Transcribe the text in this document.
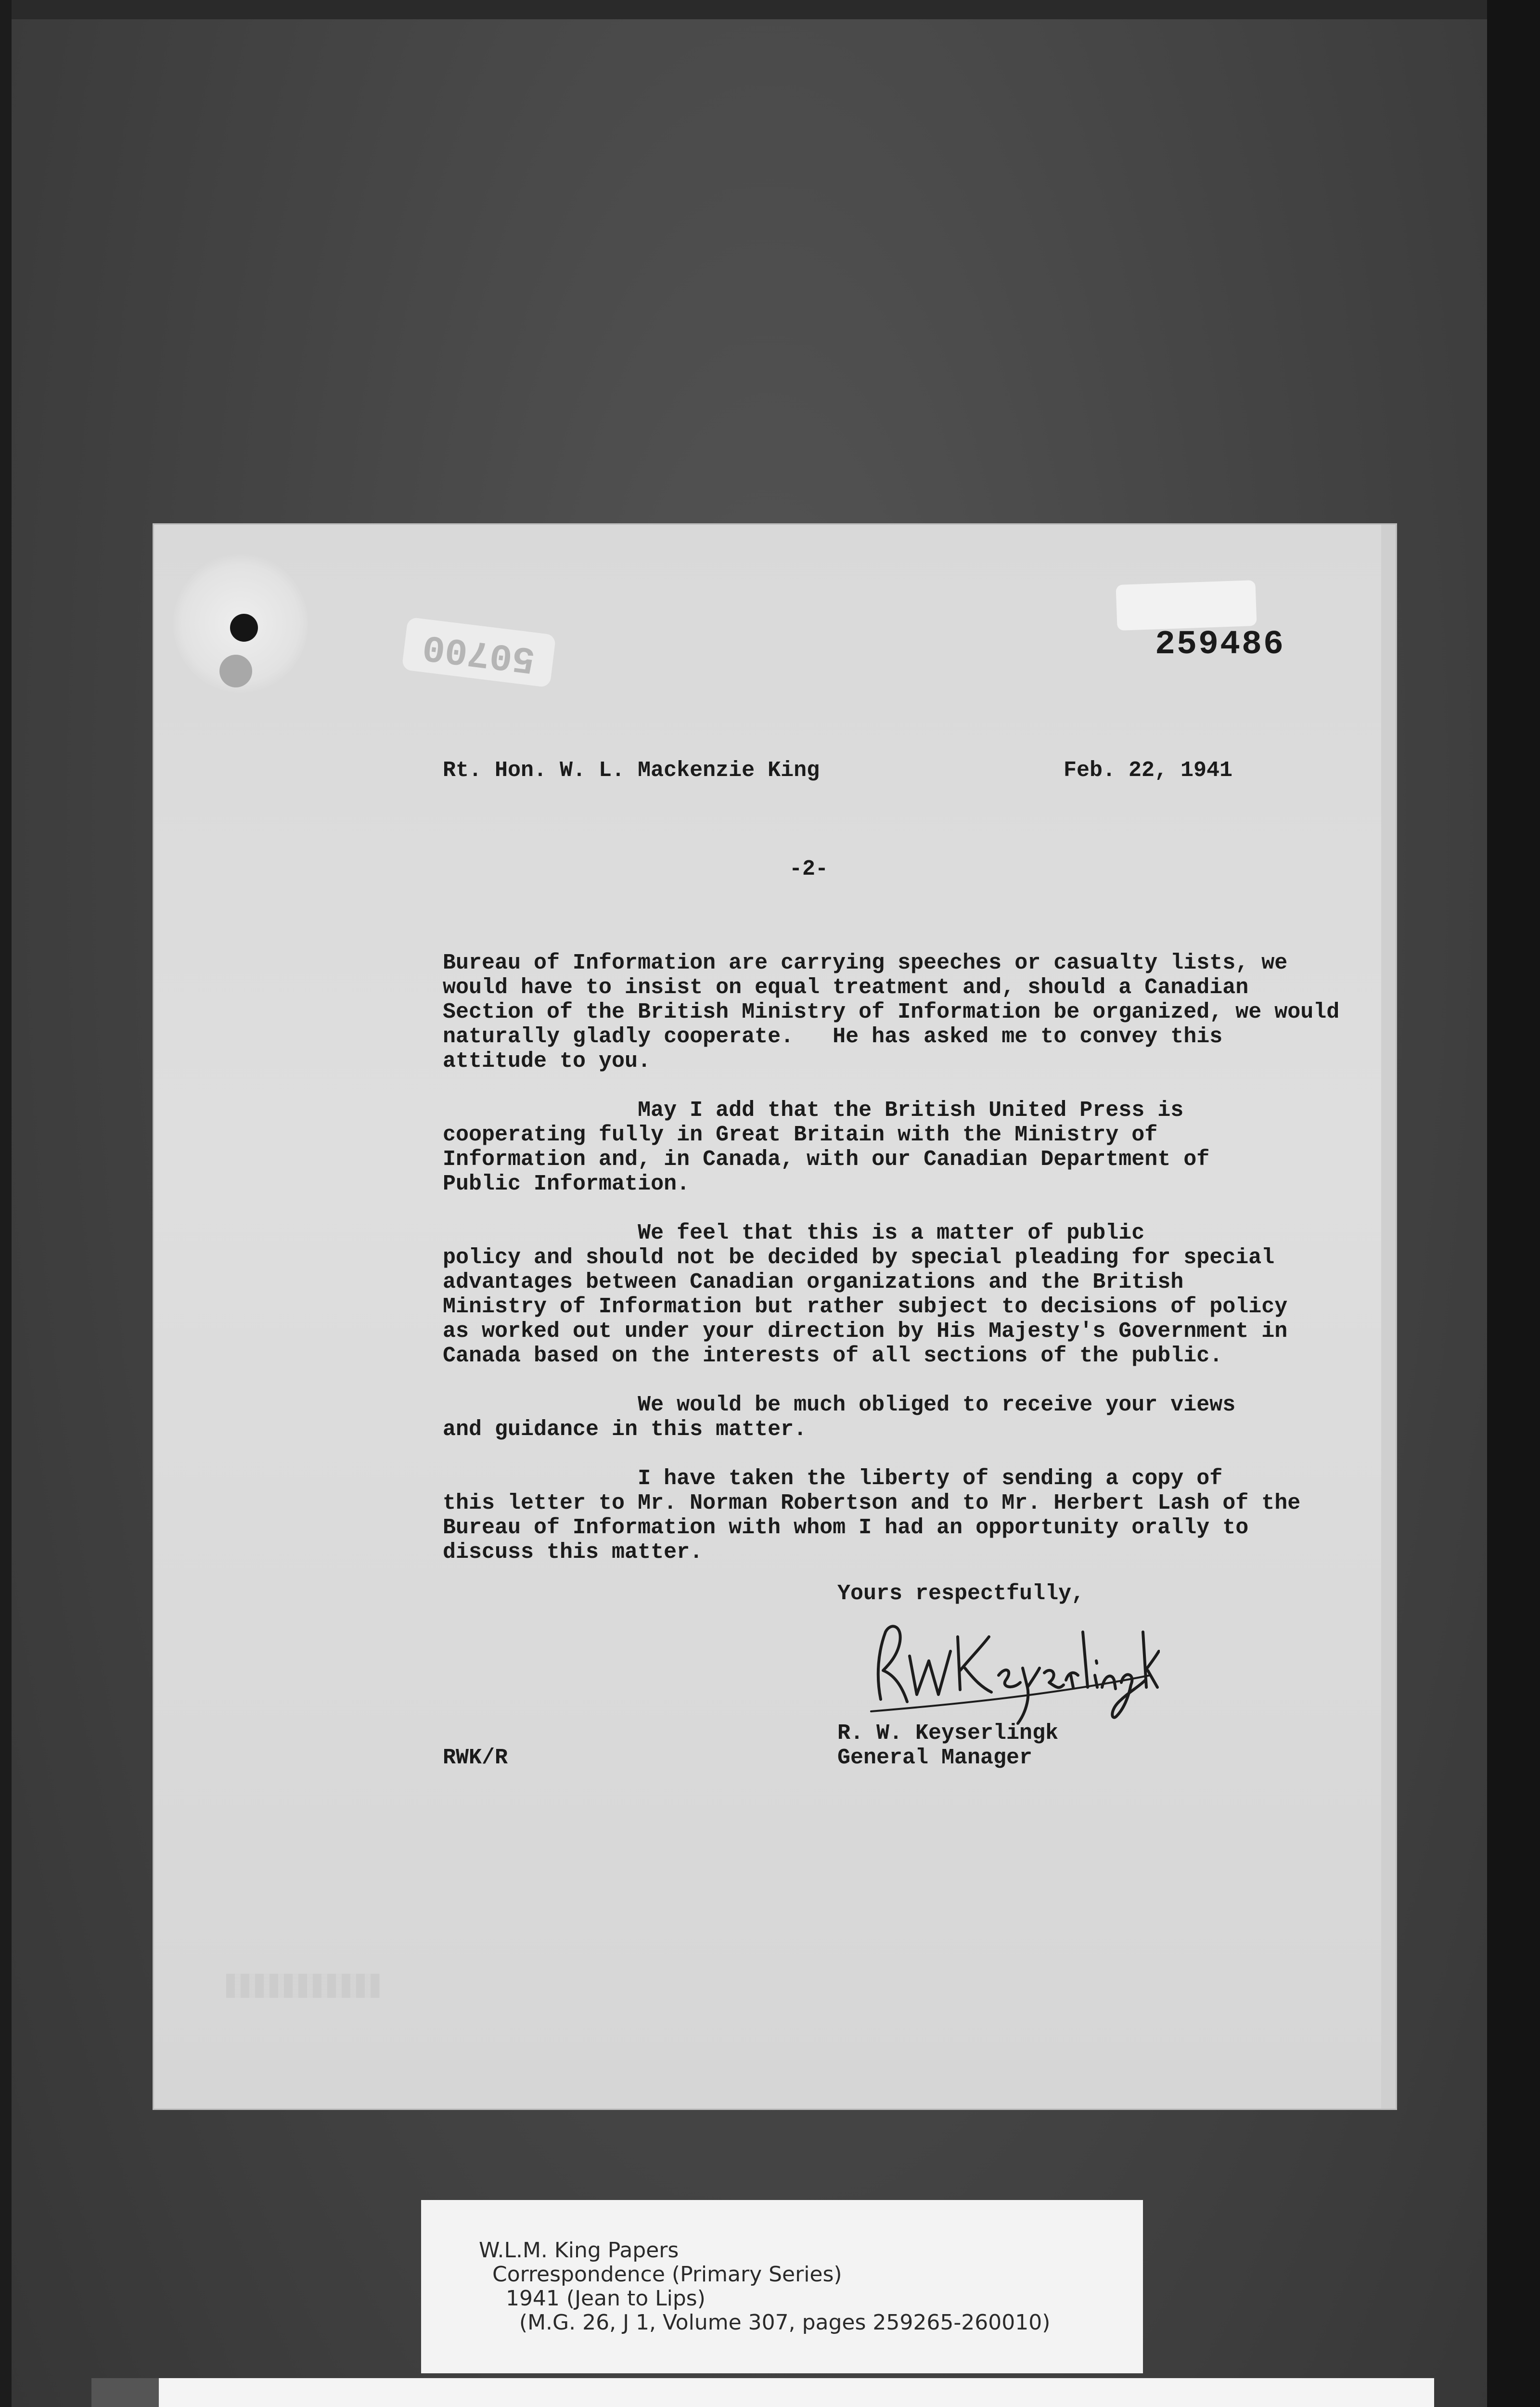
50700	259486
Rt. Hon. W. L. Mackenzie King	Feb. 22, 1941
-2-
Bureau of Information are carrying speeches or casualty lists, we
would have to insist on equal treatment and, should a Canadian
Section of the British Ministry of Information be organized, we would
naturally gladly cooperate.   He has asked me to convey this
attitude to you.
May I add that the British United Press is
cooperating fully in Great Britain with the Ministry of
Information and, in Canada, with our Canadian Department of
Public Information.
We feel that this is a matter of public
policy and should not be decided by special pleading for special
advantages between Canadian organizations and the British
Ministry of Information but rather subject to decisions of policy
as worked out under your direction by His Majesty's Government in
Canada based on the interests of all sections of the public.
We would be much obliged to receive your views
and guidance in this matter.
I have taken the liberty of sending a copy of
this letter to Mr. Norman Robertson and to Mr. Herbert Lash of the
Bureau of Information with whom I had an opportunity orally to
discuss this matter.
Yours respectfully,
R. W. Keyserlingk
General Manager
RWK/R
W.L.M. King Papers
Correspondence (Primary Series)
1941 (Jean to Lips)
(M.G. 26, J 1, Volume 307, pages 259265-260010)
